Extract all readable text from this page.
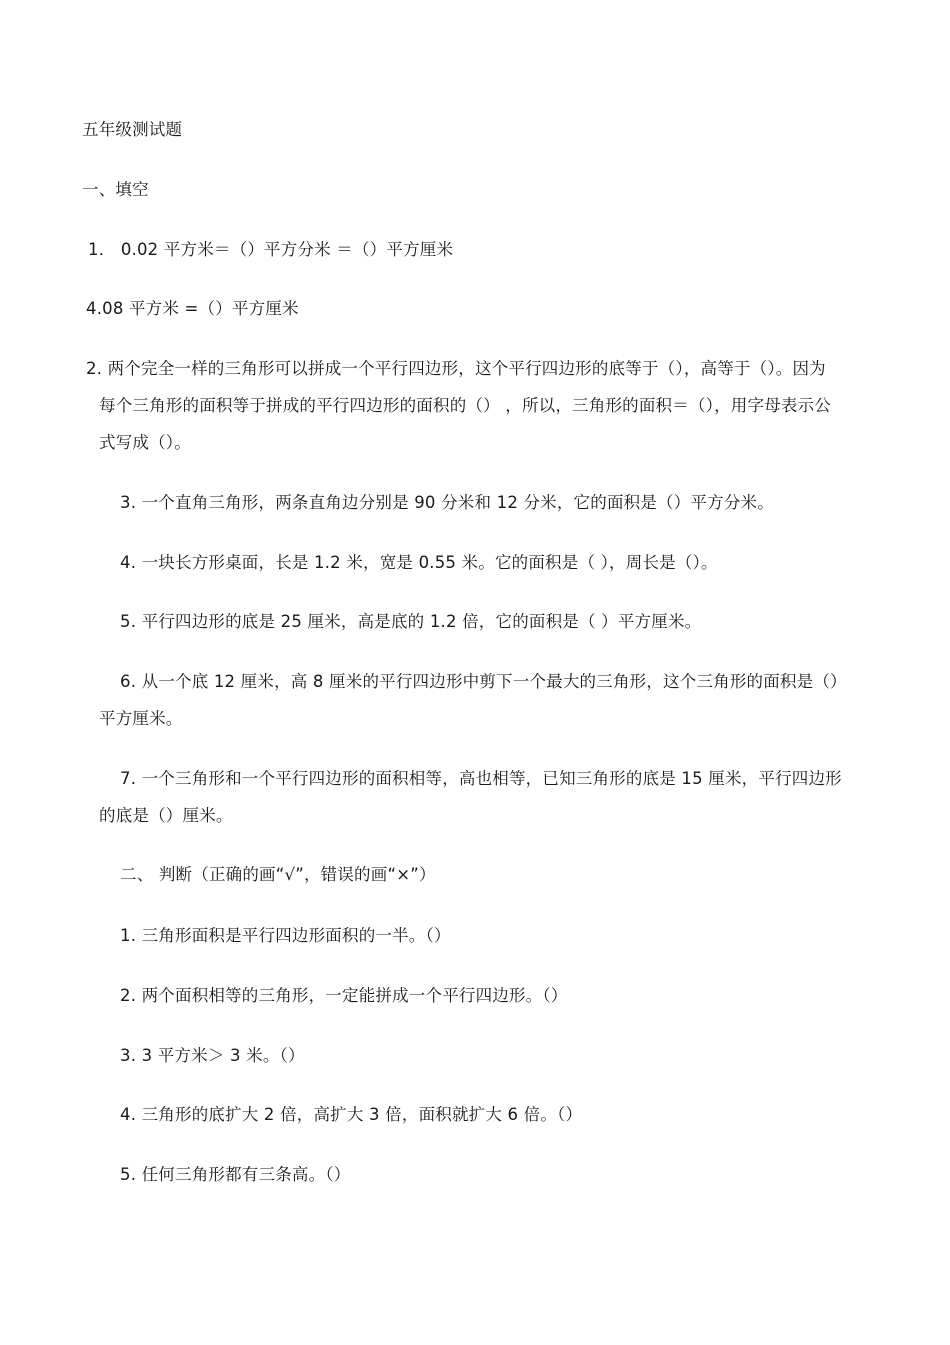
五年级测试题
一、填空
1． 0.02 平方米＝（）平方分米 ＝（）平方厘米
4.08 平方米 =（）平方厘米
2. 两个完全一样的三角形可以拼成一个平行四边形，这个平行四边形的底等于（），高等于（）。因为
每个三角形的面积等于拼成的平行四边形的面积的（） ，所以，三角形的面积＝（），用字母表示公
式写成（）。
3. 一个直角三角形，两条直角边分别是 90 分米和 12 分米，它的面积是（）平方分米。
4. 一块长方形桌面，长是 1.2 米，宽是 0.55 米。它的面积是（ ），周长是（）。
5. 平行四边形的底是 25 厘米，高是底的 1.2 倍，它的面积是（ ）平方厘米。
6. 从一个底 12 厘米，高 8 厘米的平行四边形中剪下一个最大的三角形，这个三角形的面积是（）
平方厘米。
7. 一个三角形和一个平行四边形的面积相等，高也相等，已知三角形的底是 15 厘米，平行四边形
的底是（）厘米。
二、 判断（正确的画“√”，错误的画“×”）
1. 三角形面积是平行四边形面积的一半。（）
2. 两个面积相等的三角形，一定能拼成一个平行四边形。（）
3. 3 平方米＞ 3 米。（）
4. 三角形的底扩大 2 倍，高扩大 3 倍，面积就扩大 6 倍。（）
5. 任何三角形都有三条高。（）
